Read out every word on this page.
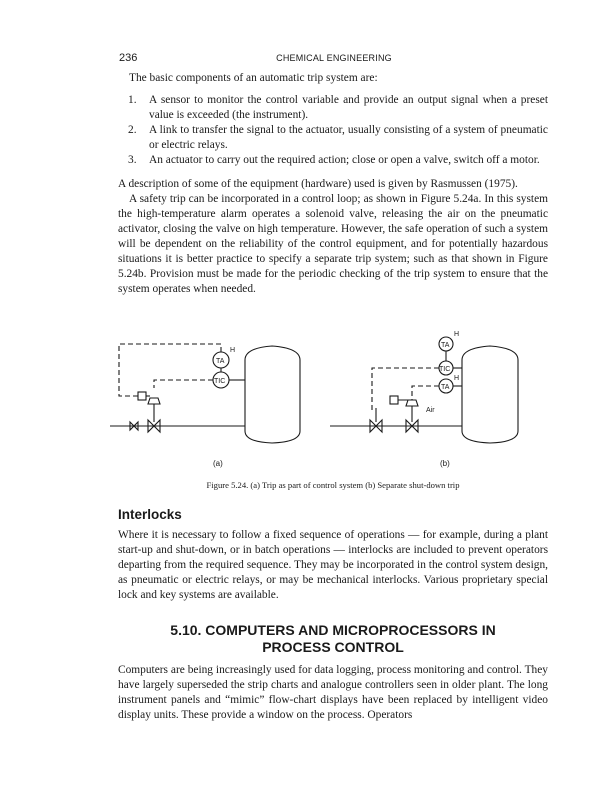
236	CHEMICAL ENGINEERING

The basic components of an automatic trip system are:

1. A sensor to monitor the control variable and provide an output signal when a preset value is exceeded (the instrument).
2. A link to transfer the signal to the actuator, usually consisting of a system of pneumatic or electric relays.
3. An actuator to carry out the required action; close or open a valve, switch off a motor.

A description of some of the equipment (hardware) used is given by Rasmussen (1975).

A safety trip can be incorporated in a control loop; as shown in Figure 5.24a. In this system the high-temperature alarm operates a solenoid valve, releasing the air on the pneumatic activator, closing the valve on high temperature. However, the safe operation of such a system will be dependent on the reliability of the control equipment, and for potentially hazardous situations it is better practice to specify a separate trip system; such as that shown in Figure 5.24b. Provision must be made for the periodic checking of the trip system to ensure that the system operates when needed.

TA
TIC
H
TA
TIC
TA
H
H
Air
(a)	(b)
Figure 5.24. (a) Trip as part of control system (b) Separate shut-down trip
Interlocks

Where it is necessary to follow a fixed sequence of operations — for example, during a plant start-up and shut-down, or in batch operations — interlocks are included to prevent operators departing from the required sequence. They may be incorporated in the control system design, as pneumatic or electric relays, or may be mechanical interlocks. Various proprietary special lock and key systems are available.

5.10. COMPUTERS AND MICROPROCESSORS IN
PROCESS CONTROL

Computers are being increasingly used for data logging, process monitoring and control. They have largely superseded the strip charts and analogue controllers seen in older plant. The long instrument panels and “mimic” flow-chart displays have been replaced by intelligent video display units. These provide a window on the process. Operators
